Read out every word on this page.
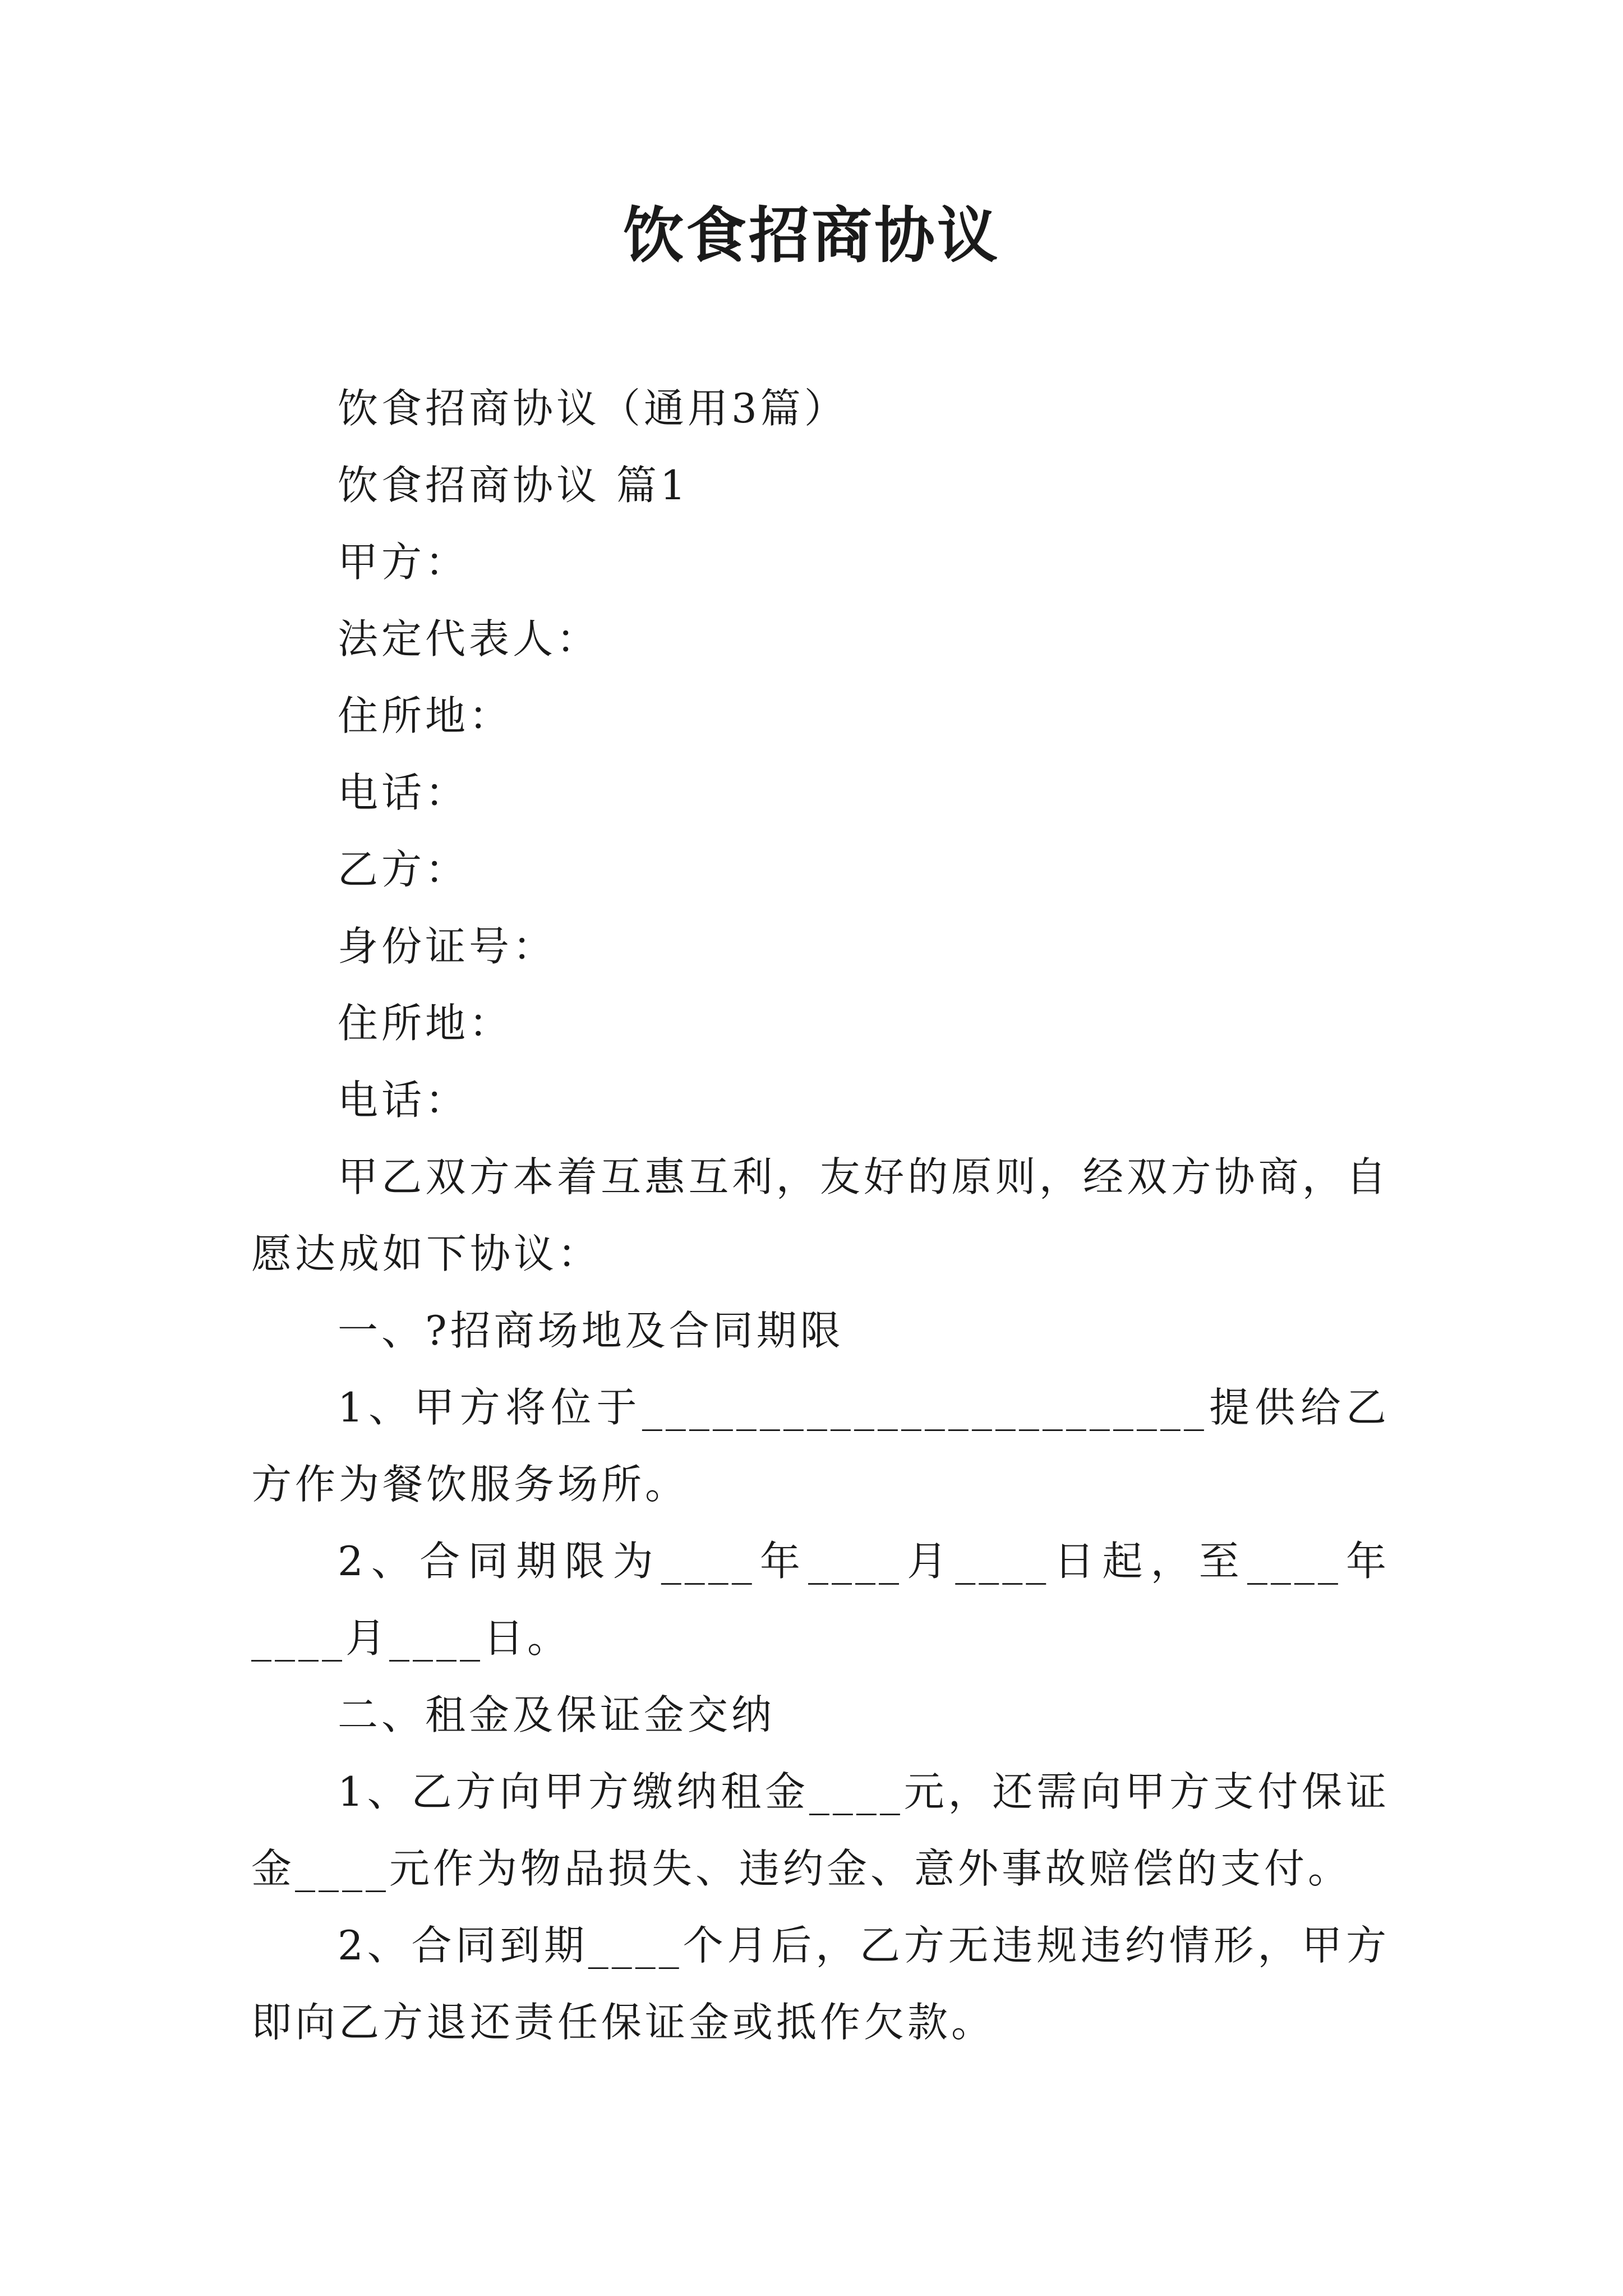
饮食招商协议

饮食招商协议（通用3篇）

饮食招商协议 篇1

甲方：

法定代表人：

住所地：

电话：

乙方：

身份证号：

住所地：

电话：

甲乙双方本着互惠互利，友好的原则，经双方协商，自愿达成如下协议：

一、?招商场地及合同期限

1、甲方将位于________________________提供给乙方作为餐饮服务场所。

2、合同期限为____年____月____日起，至____年____月____日。

二、租金及保证金交纳

1、乙方向甲方缴纳租金____元，还需向甲方支付保证金____元作为物品损失、违约金、意外事故赔偿的支付。

2、合同到期____个月后，乙方无违规违约情形，甲方即向乙方退还责任保证金或抵作欠款。
